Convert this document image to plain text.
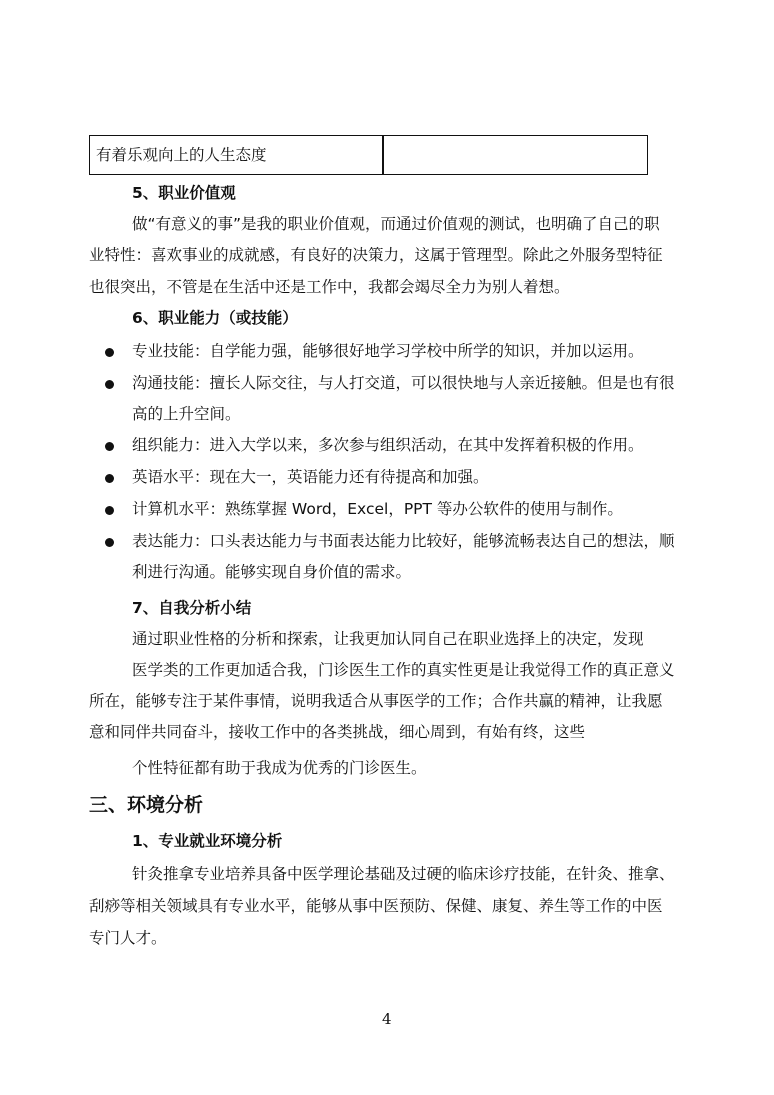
有着乐观向上的人生态度
5、职业价值观
做“有意义的事”是我的职业价值观，而通过价值观的测试，也明确了自己的职
业特性：喜欢事业的成就感，有良好的决策力，这属于管理型。除此之外服务型特征
也很突出，不管是在生活中还是工作中，我都会竭尽全力为别人着想。
6、职业能力（或技能）
专业技能：自学能力强，能够很好地学习学校中所学的知识，并加以运用。
沟通技能：擅长人际交往，与人打交道，可以很快地与人亲近接触。但是也有很
高的上升空间。
组织能力：进入大学以来，多次参与组织活动，在其中发挥着积极的作用。
英语水平：现在大一，英语能力还有待提高和加强。
计算机水平：熟练掌握 Word，Excel，PPT 等办公软件的使用与制作。
表达能力：口头表达能力与书面表达能力比较好，能够流畅表达自己的想法，顺
利进行沟通。能够实现自身价值的需求。
7、自我分析小结
通过职业性格的分析和探索，让我更加认同自己在职业选择上的决定，发现
医学类的工作更加适合我，门诊医生工作的真实性更是让我觉得工作的真正意义
所在，能够专注于某件事情，说明我适合从事医学的工作；合作共赢的精神，让我愿
意和同伴共同奋斗，接收工作中的各类挑战，细心周到，有始有终，这些
个性特征都有助于我成为优秀的门诊医生。
三、环境分析
1、专业就业环境分析
针灸推拿专业培养具备中医学理论基础及过硬的临床诊疗技能，在针灸、推拿、
刮痧等相关领域具有专业水平，能够从事中医预防、保健、康复、养生等工作的中医
专门人才。
4
